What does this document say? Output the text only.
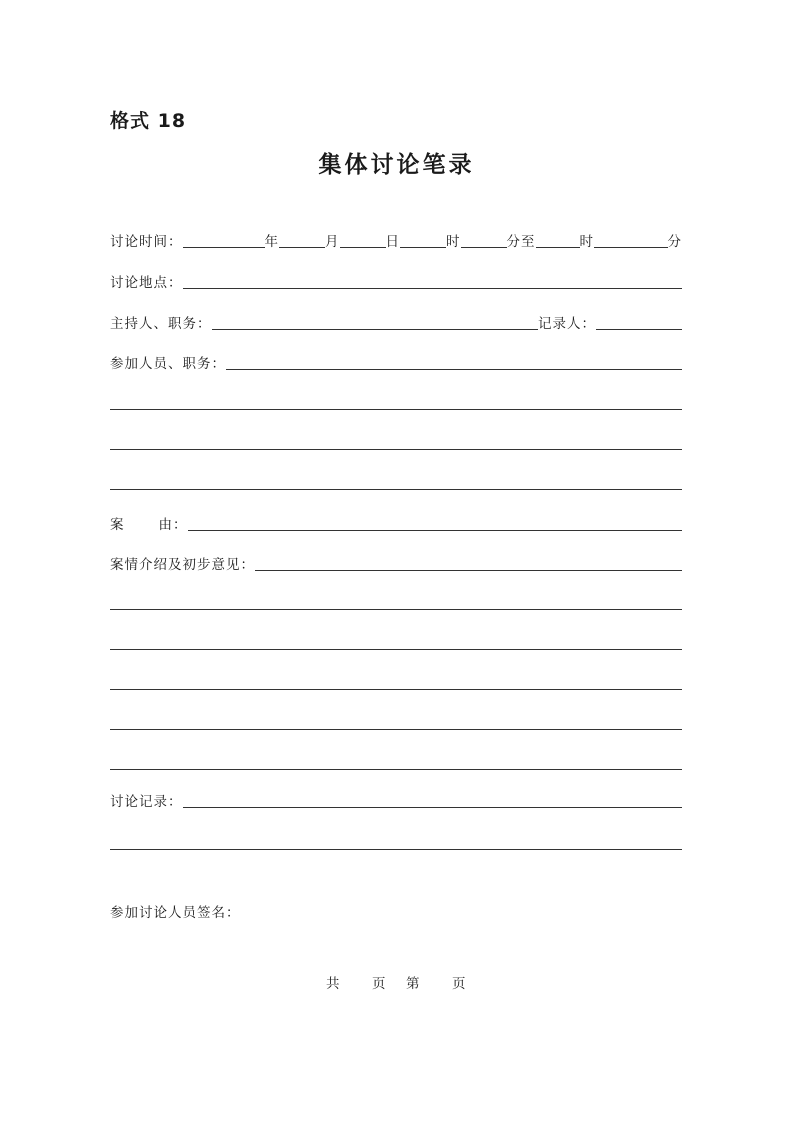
格式 18
集体讨论笔录
讨论时间：	年	月	日	时	分至	时	分
讨论地点：
主持人、职务：	记录人：
参加人员、职务：
案	由：
案情介绍及初步意见：
讨论记录：
参加讨论人员签名：
共 页 第 页
